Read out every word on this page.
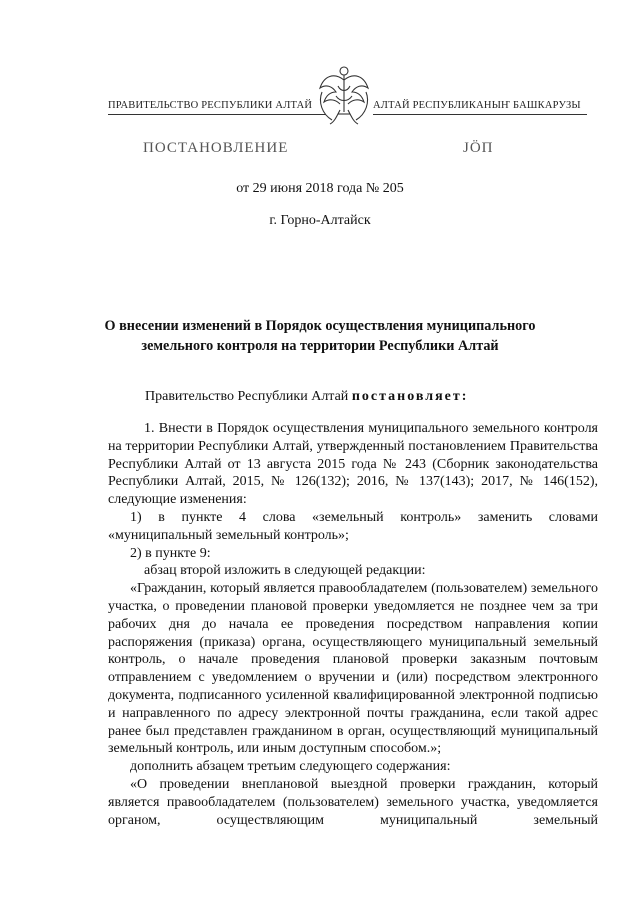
ПРАВИТЕЛЬСТВО РЕСПУБЛИКИ АЛТАЙ	АЛТАЙ РЕСПУБЛИКАНЫҤ БАШКАРУЗЫ
ПОСТАНОВЛЕНИЕ	ЈӦП
от 29 июня 2018 года № 205
г. Горно-Алтайск
О внесении изменений в Порядок осуществления муниципального земельного контроля на территории Республики Алтай
Правительство Республики Алтай постановляет:

1. Внести в Порядок осуществления муниципального земельного контроля на территории Республики Алтай, утвержденный постановлением Правительства Республики Алтай от 13 августа 2015 года № 243 (Сборник законодательства Республики Алтай, 2015, № 126(132); 2016, № 137(143); 2017, № 146(152), следующие изменения:

1) в пункте 4 слова «земельный контроль» заменить словами «муниципальный земельный контроль»;

2) в пункте 9:

абзац второй изложить в следующей редакции:

«Гражданин, который является правообладателем (пользователем) земельного участка, о проведении плановой проверки уведомляется не позднее чем за три рабочих дня до начала ее проведения посредством направления копии распоряжения (приказа) органа, осуществляющего муниципальный земельный контроль, о начале проведения плановой проверки заказным почтовым отправлением с уведомлением о вручении и (или) посредством электронного документа, подписанного усиленной квалифицированной электронной подписью и направленного по адресу электронной почты гражданина, если такой адрес ранее был представлен гражданином в орган, осуществляющий муниципальный земельный контроль, или иным доступным способом.»;

дополнить абзацем третьим следующего содержания:

«О проведении внеплановой выездной проверки гражданин, который является правообладателем (пользователем) земельного участка, уведомляется органом, осуществляющим муниципальный земельный
